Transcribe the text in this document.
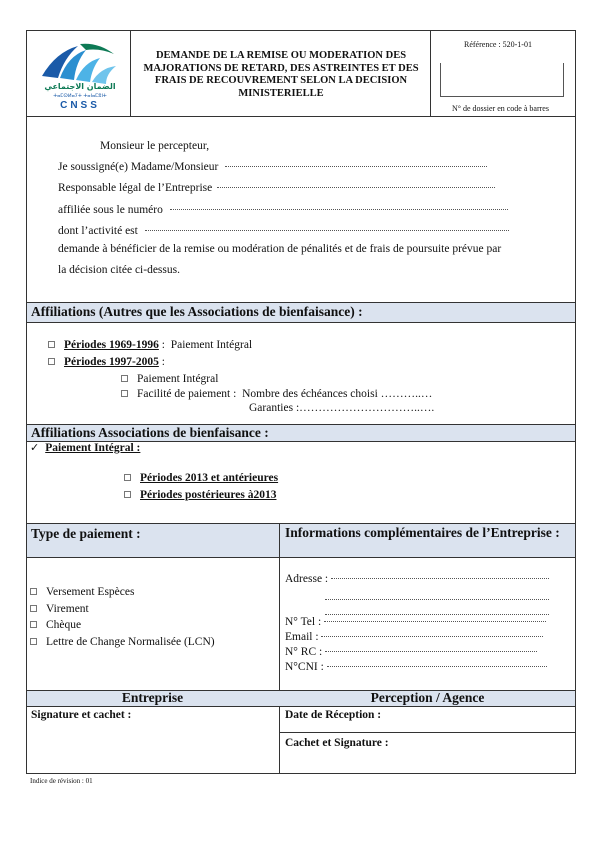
الضمان الاجتماعي
ⵜⴰⵎⵙⵍⴰⵢⵜ ⵜⴰⵏⴰⵎⵓⵏⵜ
CNSS
DEMANDE DE LA REMISE OU MODERATION DES MAJORATIONS DE RETARD, DES ASTREINTES ET DES FRAIS DE RECOUVREMENT SELON LA DECISION MINISTERIELLE
Référence : 520-1-01
N° de dossier en code à barres
Monsieur le percepteur,
Je soussigné(e) Madame/Monsieur
Responsable légal de l’Entreprise
affiliée sous le numéro
dont l’activité est
demande à bénéficier de la remise ou modération de pénalités et de frais de poursuite prévue par
la décision citée ci-dessus.
Affiliations (Autres que les Associations de bienfaisance) :
Périodes 1969-1996 : Paiement Intégral
Périodes 1997-2005 :
Paiement Intégral
Facilité de paiement : Nombre des échéances choisi ………..…
Garanties :…………………………..….
Affiliations Associations de bienfaisance :
✓ Paiement Intégral :
Périodes 2013 et antérieures
Périodes postérieures à2013
Type de paiement :	Informations complémentaires de l’Entreprise :
Versement Espèces
Virement
Chèque
Lettre de Change Normalisée (LCN)
Adresse :
N° Tel :
Email :
N° RC :
N°CNI :
Entreprise	Perception / Agence
Signature et cachet :	Date de Réception :
Cachet et Signature :
Indice de révision : 01
